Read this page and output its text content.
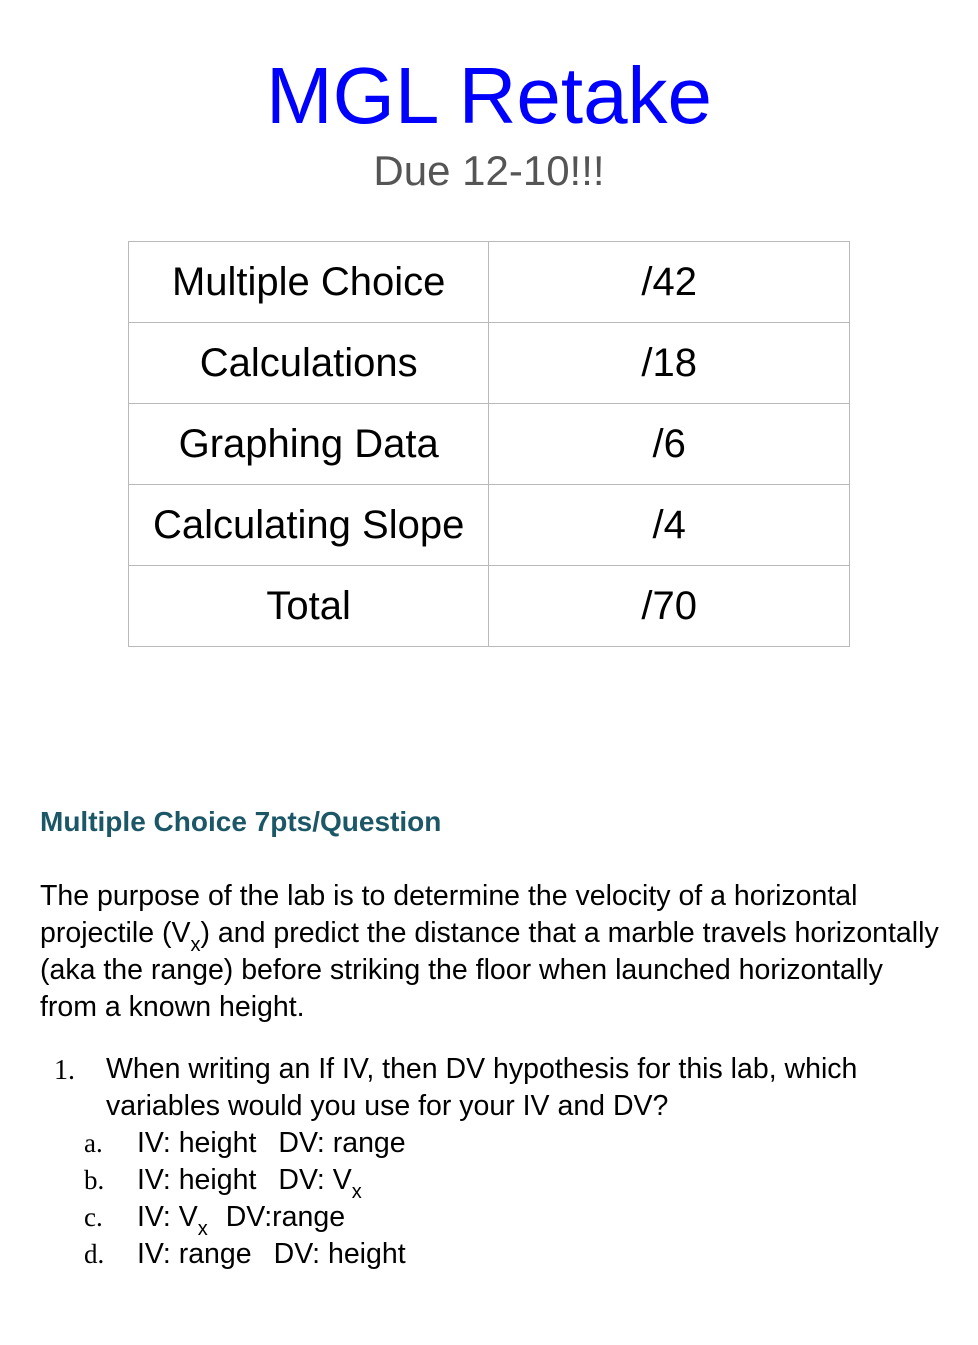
MGL Retake
Due 12-10!!!
Multiple Choice	/42
Calculations	/18
Graphing Data	/6
Calculating Slope	/4
Total	/70
Multiple Choice 7pts/Question
The purpose of the lab is to determine the velocity of a horizontal projectile $(V_x)$ and predict the distance that a marble travels horizontally (aka the range) before striking the floor when launched horizontally from a known height.
1. When writing an If IV, then DV hypothesis for this lab, which variables would you use for your IV and DV?
a. IV: height DV: range
b. IV: height DV: $V_x$
c. IV: $V_x$ DV:range
d. IV: range DV: height
